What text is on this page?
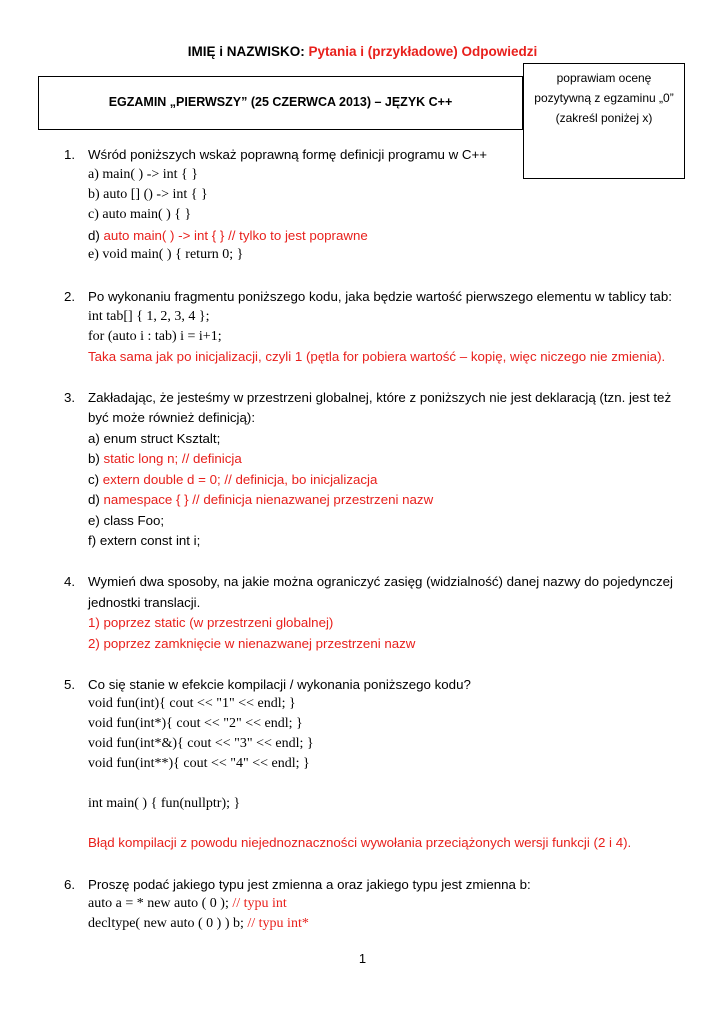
IMIĘ i NAZWISKO: Pytania i (przykładowe) Odpowiedzi
EGZAMIN „PIERWSZY” (25 CZERWCA 2013) – JĘZYK C++
poprawiam ocenę
pozytywną z egzaminu „0”
(zakreśl poniżej x)
1. Wśród poniższych wskaż poprawną formę definicji programu w C++
a) main( ) -> int { }
b) auto [] () -> int { }
c) auto main( ) { }
d) auto main( ) -> int { } // tylko to jest poprawne
e) void main( ) { return 0; }
2. Po wykonaniu fragmentu poniższego kodu, jaka będzie wartość pierwszego elementu w tablicy tab:
int tab[] { 1, 2, 3, 4 };
for (auto i : tab) i = i+1;
Taka sama jak po inicjalizacji, czyli 1 (pętla for pobiera wartość – kopię, więc niczego nie zmienia).
3. Zakładając, że jesteśmy w przestrzeni globalnej, które z poniższych nie jest deklaracją (tzn. jest też
być może również definicją):
a) enum struct Ksztalt;
b) static long n; // definicja
c) extern double d = 0; // definicja, bo inicjalizacja
d) namespace { } // definicja nienazwanej przestrzeni nazw
e) class Foo;
f) extern const int i;
4. Wymień dwa sposoby, na jakie można ograniczyć zasięg (widzialność) danej nazwy do pojedynczej
jednostki translacji.
1) poprzez static (w przestrzeni globalnej)
2) poprzez zamknięcie w nienazwanej przestrzeni nazw
5. Co się stanie w efekcie kompilacji / wykonania poniższego kodu?
void fun(int){ cout << "1" << endl; }
void fun(int*){ cout << "2" << endl; }
void fun(int*&){ cout << "3" << endl; }
void fun(int**){ cout << "4" << endl; }
int main( ) { fun(nullptr); }
Błąd kompilacji z powodu niejednoznaczności wywołania przeciążonych wersji funkcji (2 i 4).
6. Proszę podać jakiego typu jest zmienna a oraz jakiego typu jest zmienna b:
auto a = * new auto ( 0 ); // typu int
decltype( new auto ( 0 ) ) b; // typu int*
1
